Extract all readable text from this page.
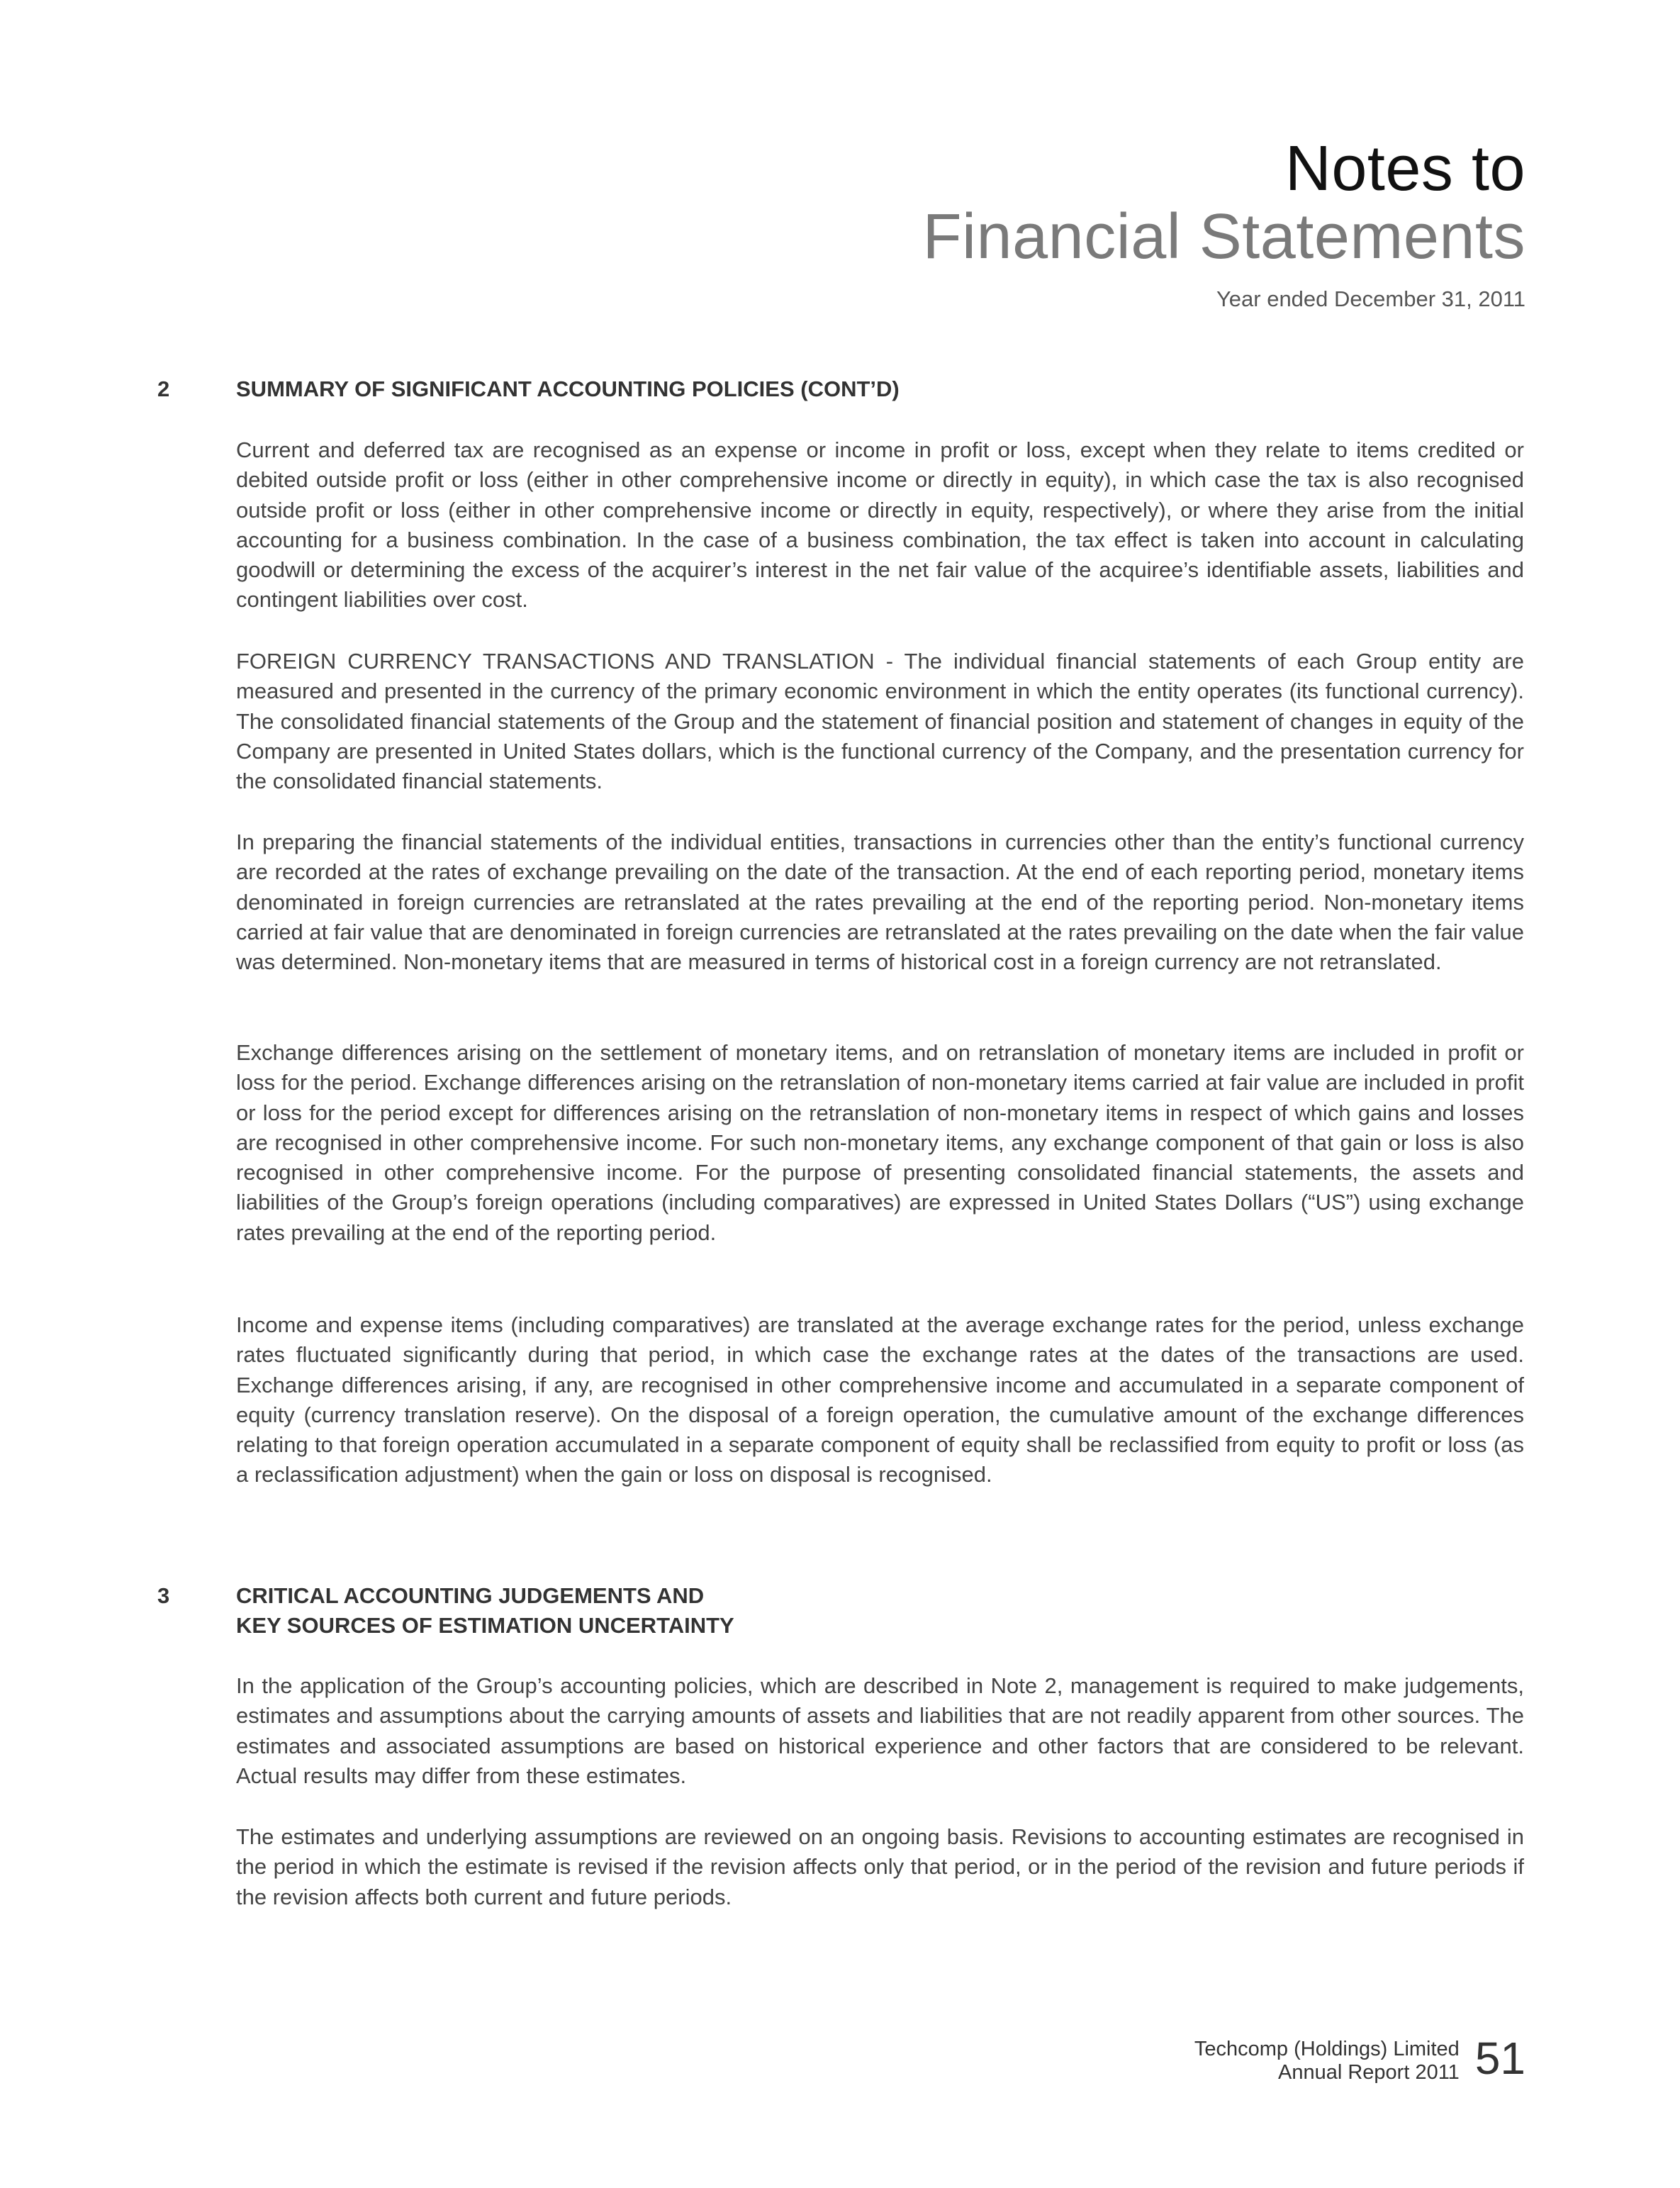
Notes to
Financial Statements
Year ended December 31, 2011
2	SUMMARY OF SIGNIFICANT ACCOUNTING POLICIES (CONT’D)

Current and deferred tax are recognised as an expense or income in profit or loss, except when they relate to items credited or debited outside profit or loss (either in other comprehensive income or directly in equity), in which case the tax is also recognised outside profit or loss (either in other comprehensive income or directly in equity, respectively), or where they arise from the initial accounting for a business combination. In the case of a business combination, the tax effect is taken into account in calculating goodwill or determining the excess of the acquirer’s interest in the net fair value of the acquiree’s identifiable assets, liabilities and contingent liabilities over cost.

FOREIGN CURRENCY TRANSACTIONS AND TRANSLATION - The individual financial statements of each Group entity are measured and presented in the currency of the primary economic environment in which the entity operates (its functional currency). The consolidated financial statements of the Group and the statement of financial position and statement of changes in equity of the Company are presented in United States dollars, which is the functional currency of the Company, and the presentation currency for the consolidated financial statements.

In preparing the financial statements of the individual entities, transactions in currencies other than the entity’s functional currency are recorded at the rates of exchange prevailing on the date of the transaction. At the end of each reporting period, monetary items denominated in foreign currencies are retranslated at the rates prevailing at the end of the reporting period. Non-monetary items carried at fair value that are denominated in foreign currencies are retranslated at the rates prevailing on the date when the fair value was determined. Non-monetary items that are measured in terms of historical cost in a foreign currency are not retranslated.

Exchange differences arising on the settlement of monetary items, and on retranslation of monetary items are included in profit or loss for the period. Exchange differences arising on the retranslation of non-monetary items carried at fair value are included in profit or loss for the period except for differences arising on the retranslation of non-monetary items in respect of which gains and losses are recognised in other comprehensive income. For such non-monetary items, any exchange component of that gain or loss is also recognised in other comprehensive income. For the purpose of presenting consolidated financial statements, the assets and liabilities of the Group’s foreign operations (including comparatives) are expressed in United States Dollars (“US”) using exchange rates prevailing at the end of the reporting period.

Income and expense items (including comparatives) are translated at the average exchange rates for the period, unless exchange rates fluctuated significantly during that period, in which case the exchange rates at the dates of the transactions are used. Exchange differences arising, if any, are recognised in other comprehensive income and accumulated in a separate component of equity (currency translation reserve). On the disposal of a foreign operation, the cumulative amount of the exchange differences relating to that foreign operation accumulated in a separate component of equity shall be reclassified from equity to profit or loss (as a reclassification adjustment) when the gain or loss on disposal is recognised.

3	CRITICAL ACCOUNTING JUDGEMENTS AND
KEY SOURCES OF ESTIMATION UNCERTAINTY

In the application of the Group’s accounting policies, which are described in Note 2, management is required to make judgements, estimates and assumptions about the carrying amounts of assets and liabilities that are not readily apparent from other sources. The estimates and associated assumptions are based on historical experience and other factors that are considered to be relevant. Actual results may differ from these estimates.

The estimates and underlying assumptions are reviewed on an ongoing basis. Revisions to accounting estimates are recognised in the period in which the estimate is revised if the revision affects only that period, or in the period of the revision and future periods if the revision affects both current and future periods.

Techcomp (Holdings) Limited
Annual Report 2011 51
